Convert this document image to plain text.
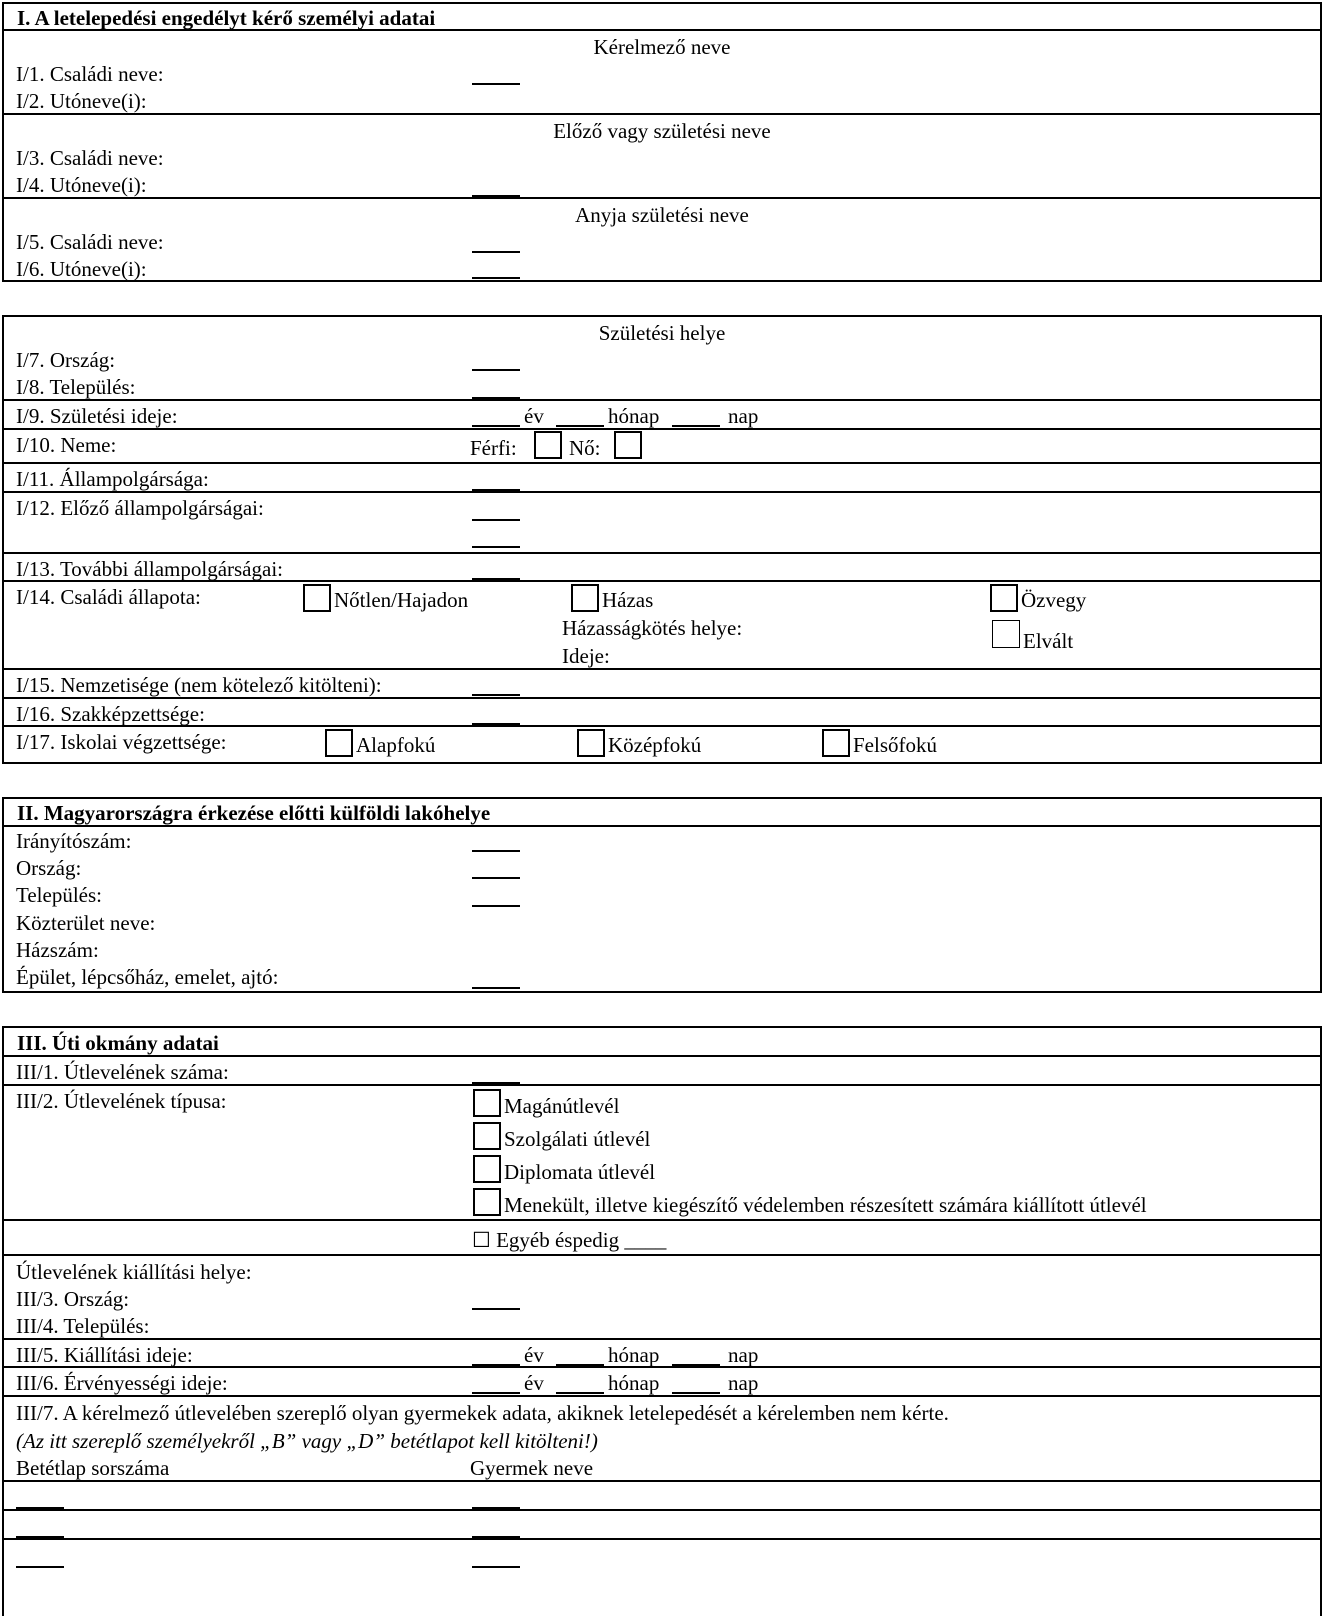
I. A letelepedési engedélyt kérő személyi adatai
Kérelmező neve
I/1. Családi neve:
I/2. Utóneve(i):
Előző vagy születési neve
I/3. Családi neve:
I/4. Utóneve(i):
Anyja születési neve
I/5. Családi neve:
I/6. Utóneve(i):
Születési helye
I/7. Ország:
I/8. Település:
I/9. Születési ideje:	év	hónap	nap
I/10. Neme:	Férfi: Nő:
I/11. Állampolgársága:
I/12. Előző állampolgárságai:
I/13. További állampolgárságai:
I/14. Családi állapota:	Nőtlen/Hajadon	Házas
Házasságkötés helye:
Ideje:
Özvegy
Elvált
I/15. Nemzetisége (nem kötelező kitölteni):
I/16. Szakképzettsége:
I/17. Iskolai végzettsége:	Alapfokú	Középfokú	Felsőfokú
II. Magyarországra érkezése előtti külföldi lakóhelye
Irányítószám:
Ország:
Település:
Közterület neve:
Házszám:
Épület, lépcsőház, emelet, ajtó:
III. Úti okmány adatai
III/1. Útlevelének száma:
III/2. Útlevelének típusa:	Magánútlevél
Szolgálati útlevél
Diplomata útlevél
Menekült, illetve kiegészítő védelemben részesített számára kiállított útlevél
☐ Egyéb éspedig ____
Útlevelének kiállítási helye:
III/3. Ország:
III/4. Település:
III/5. Kiállítási ideje:	év	hónap	nap
III/6. Érvényességi ideje:	év	hónap	nap
III/7. A kérelmező útlevelében szereplő olyan gyermekek adata, akiknek letelepedését a kérelemben nem kérte.
(Az itt szereplő személyekről „B” vagy „D” betétlapot kell kitölteni!)
Betétlap sorszáma	Gyermek neve
